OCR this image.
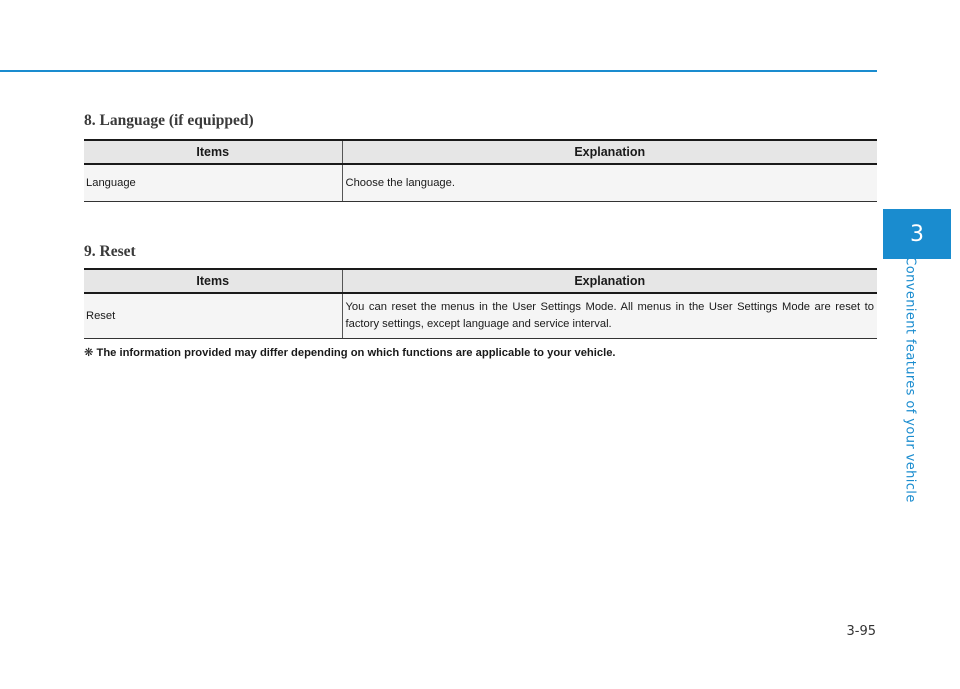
8. Language (if equipped)
Items	Explanation
Language	Choose the language.
9. Reset
Items	Explanation
Reset	You can reset the menus in the User Settings Mode. All menus in the User Settings Mode are reset to factory settings, except language and service interval.

❋ The information provided may differ depending on which functions are applicable to your vehicle.

3
Convenient features of your vehicle
3-95
